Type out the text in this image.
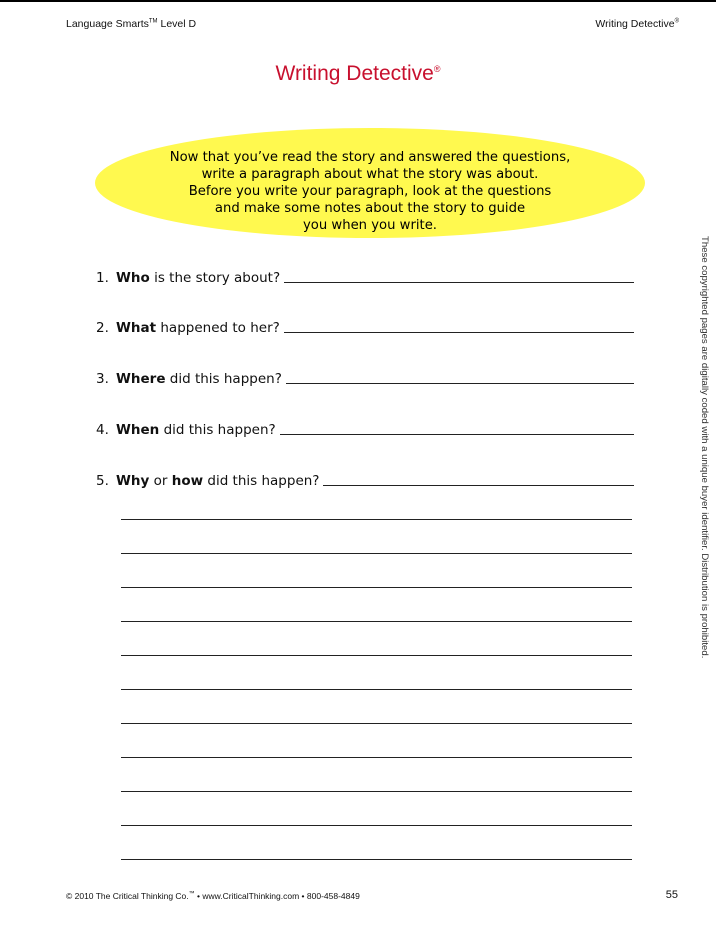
Language Smarts™ Level D	Writing Detective®
Writing Detective®
Now that you’ve read the story and answered the questions,
write a paragraph about what the story was about.
Before you write your paragraph, look at the questions
and make some notes about the story to guide
you when you write.
1. Who is the story about?
2. What happened to her?
3. Where did this happen?
4. When did this happen?
5. Why or how did this happen?	These copyrighted pages are digitally coded with a unique buyer identifier. Distribution is prohibited.
© 2010 The Critical Thinking Co.™ • www.CriticalThinking.com • 800-458-4849	55
